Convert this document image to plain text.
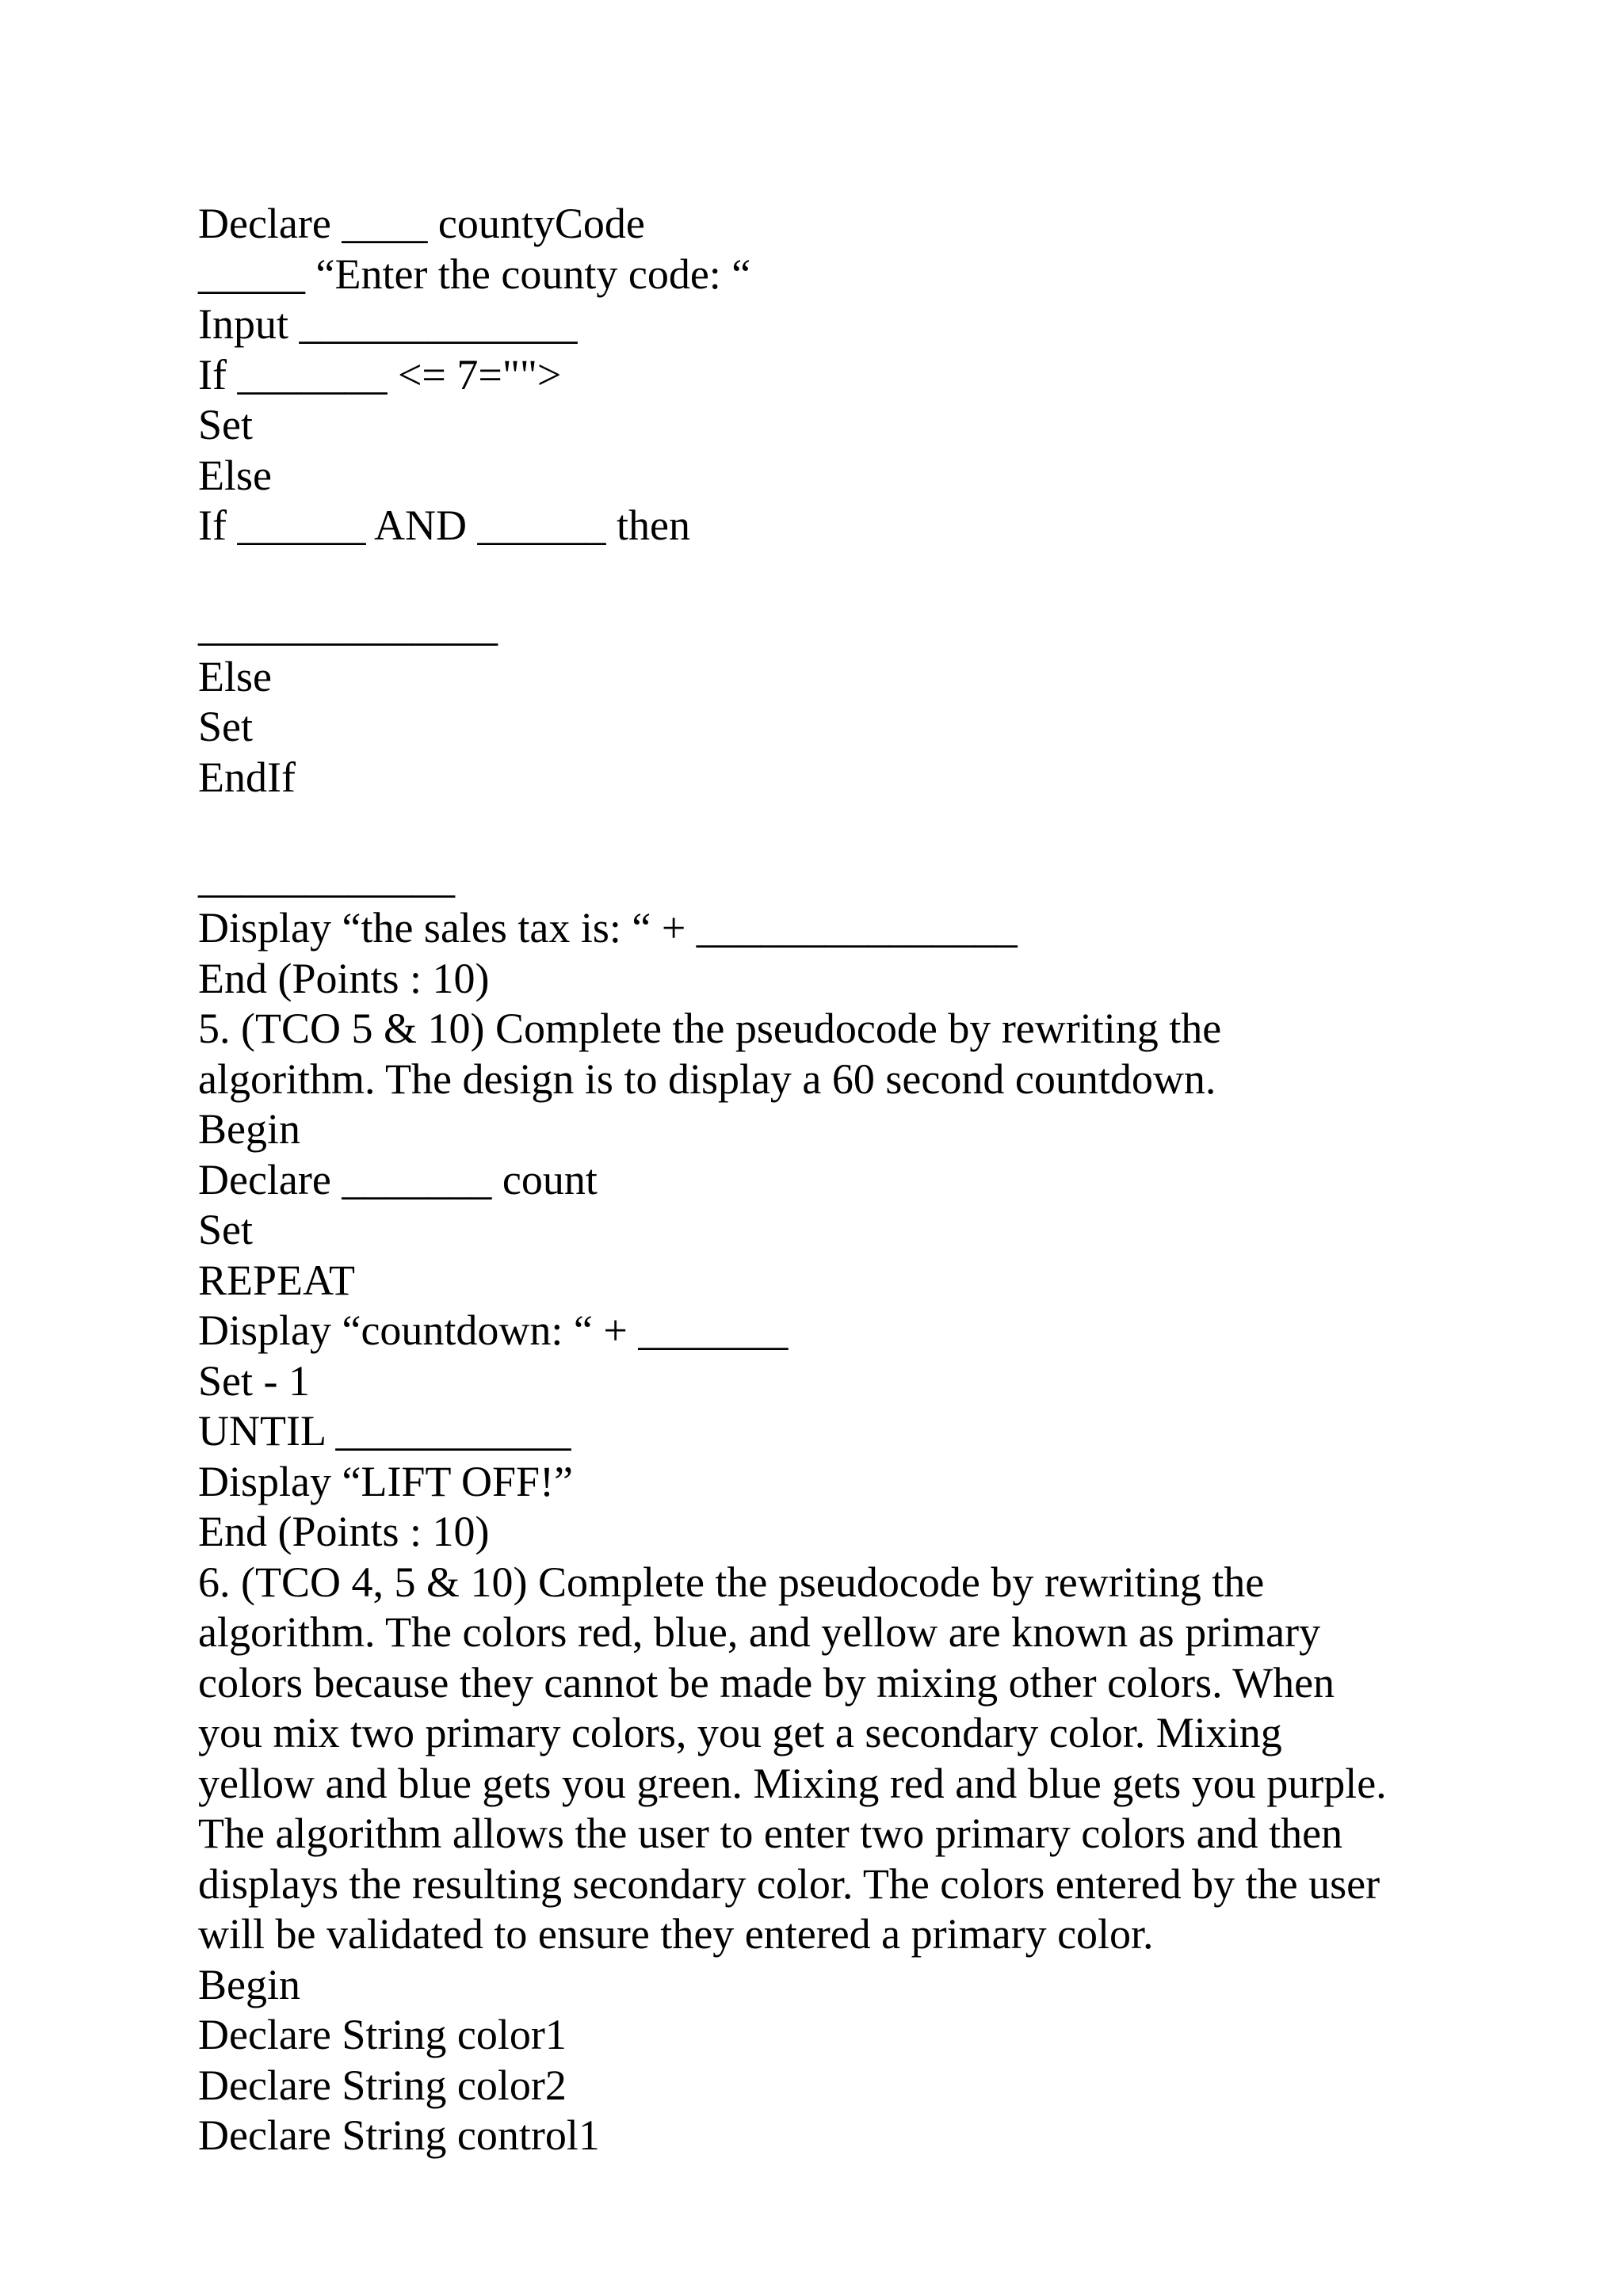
Declare ____ countyCode
_____ “Enter the county code: “
Input _____________
If _______ <= 7="">
Set
Else
If ______ AND ______ then
______________
Else
Set
EndIf
____________
Display “the sales tax is: “ + _______________
End (Points : 10)
5. (TCO 5 & 10) Complete the pseudocode by rewriting the
algorithm. The design is to display a 60 second countdown.
Begin
Declare _______ count
Set
REPEAT
Display “countdown: “ + _______
Set - 1
UNTIL ___________
Display “LIFT OFF!”
End (Points : 10)
6. (TCO 4, 5 & 10) Complete the pseudocode by rewriting the
algorithm. The colors red, blue, and yellow are known as primary
colors because they cannot be made by mixing other colors. When
you mix two primary colors, you get a secondary color. Mixing
yellow and blue gets you green. Mixing red and blue gets you purple.
The algorithm allows the user to enter two primary colors and then
displays the resulting secondary color. The colors entered by the user
will be validated to ensure they entered a primary color.
Begin
Declare String color1
Declare String color2
Declare String control1
